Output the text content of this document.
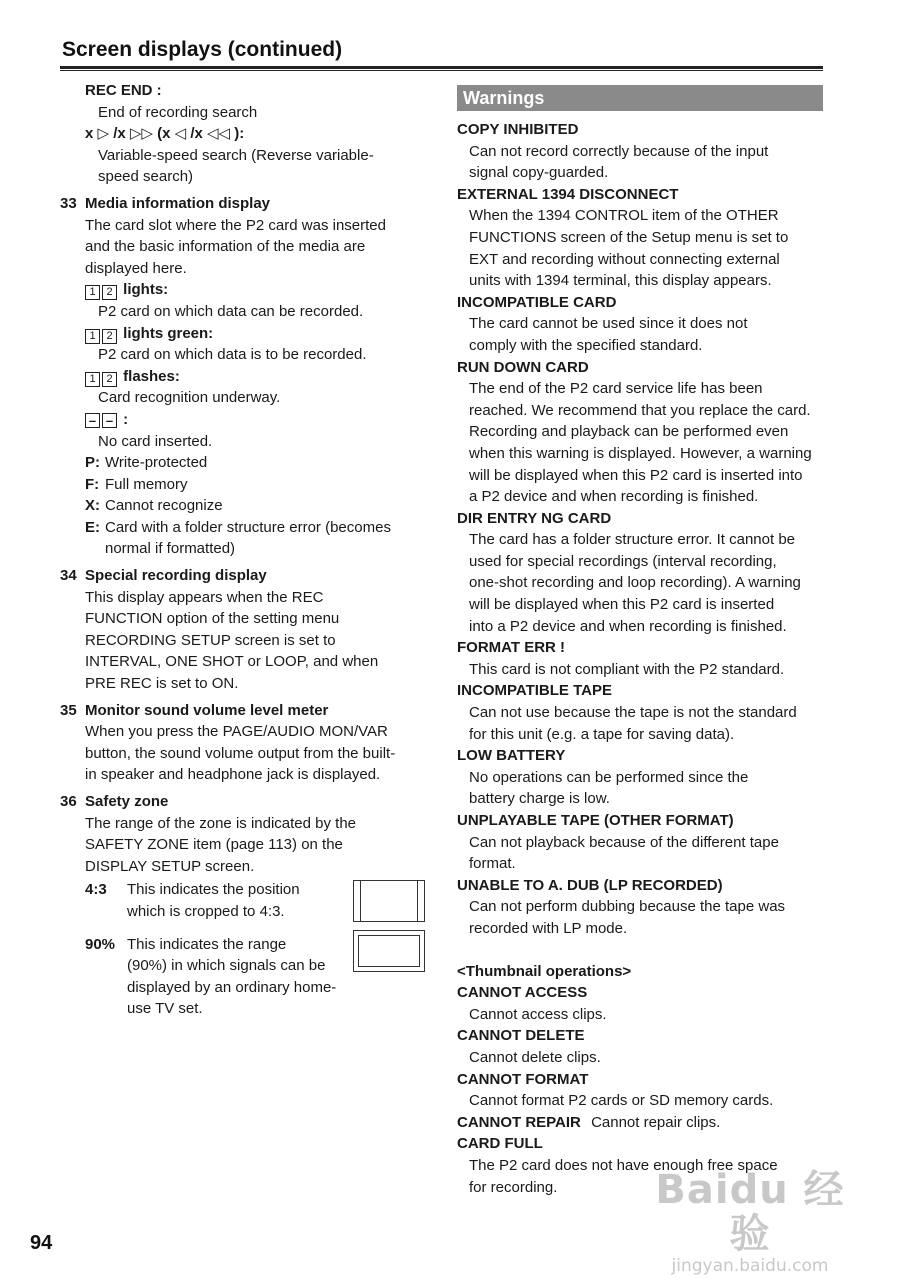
Screen displays (continued)
REC END :
End of recording search
x ▷ /x ▷▷ (x ◁ /x ◁◁ ):
Variable-speed search (Reverse variable-
speed search)
33 Media information display
The card slot where the P2 card was inserted
and the basic information of the media are
displayed here.
1 2 lights:
P2 card on which data can be recorded.
1 2 lights green:
P2 card on which data is to be recorded.
1 2 flashes:
Card recognition underway.
– – :
No card inserted.
P: Write-protected
F: Full memory
X: Cannot recognize
E: Card with a folder structure error (becomes
normal if formatted)
34 Special recording display
This display appears when the REC
FUNCTION option of the setting menu
RECORDING SETUP screen is set to
INTERVAL, ONE SHOT or LOOP, and when
PRE REC is set to ON.
35 Monitor sound volume level meter
When you press the PAGE/AUDIO MON/VAR
button, the sound volume output from the built-
in speaker and headphone jack is displayed.
36 Safety zone
The range of the zone is indicated by the
SAFETY ZONE item (page 113) on the
DISPLAY SETUP screen.
4:3	This indicates the position
which is cropped to 4:3.
90% This indicates the range
(90%) in which signals can be
displayed by an ordinary home-
use TV set.
Warnings
COPY INHIBITED
Can not record correctly because of the input
signal copy-guarded.
EXTERNAL 1394 DISCONNECT
When the 1394 CONTROL item of the OTHER
FUNCTIONS screen of the Setup menu is set to
EXT and recording without connecting external
units with 1394 terminal, this display appears.
INCOMPATIBLE CARD
The card cannot be used since it does not
comply with the specified standard.
RUN DOWN CARD
The end of the P2 card service life has been
reached. We recommend that you replace the card.
Recording and playback can be performed even
when this warning is displayed. However, a warning
will be displayed when this P2 card is inserted into
a P2 device and when recording is finished.
DIR ENTRY NG CARD
The card has a folder structure error. It cannot be
used for special recordings (interval recording,
one-shot recording and loop recording). A warning
will be displayed when this P2 card is inserted
into a P2 device and when recording is finished.
FORMAT ERR !
This card is not compliant with the P2 standard.
INCOMPATIBLE TAPE
Can not use because the tape is not the standard
for this unit (e.g. a tape for saving data).
LOW BATTERY
No operations can be performed since the
battery charge is low.
UNPLAYABLE TAPE (OTHER FORMAT)
Can not playback because of the different tape
format.
UNABLE TO A. DUB (LP RECORDED)
Can not perform dubbing because the tape was
recorded with LP mode.
<Thumbnail operations>
CANNOT ACCESS
Cannot access clips.
CANNOT DELETE
Cannot delete clips.
CANNOT FORMAT
Cannot format P2 cards or SD memory cards.
CANNOT REPAIR Cannot repair clips.
CARD FULL
The P2 card does not have enough free space
for recording.
94
Baidu 经验
jingyan.baidu.com
